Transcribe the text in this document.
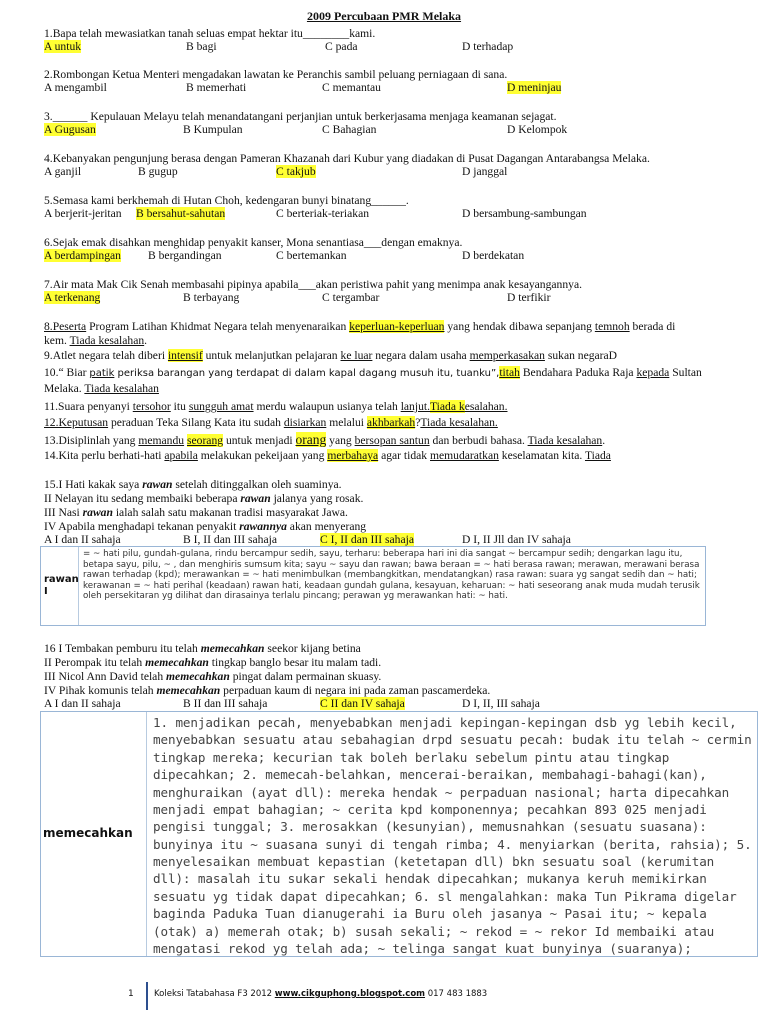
2009 Percubaan PMR Melaka
1.Bapa telah mewasiatkan tanah seluas empat hektar itu________kami.
A untuk	B bagi	C pada	D terhadap
2.Rombongan Ketua Menteri mengadakan lawatan ke Peranchis sambil peluang perniagaan di sana.
A mengambil	B memerhati	C memantau	D meninjau
3.______ Kepulauan Melayu telah menandatangani perjanjian untuk berkerjasama menjaga keamanan sejagat.
A Gugusan	B Kumpulan	C Bahagian	D Kelompok
4.Kebanyakan pengunjung berasa dengan Pameran Khazanah dari Kubur yang diadakan di Pusat Dagangan Antarabangsa Melaka.
A ganjil	B gugup	C takjub	D janggal
5.Semasa kami berkhemah di Hutan Choh, kedengaran bunyi binatang______.
A berjerit-jeritan B bersahut-sahutan	C berteriak-teriakan	D bersambung-sambungan
6.Sejak emak disahkan menghidap penyakit kanser, Mona senantiasa___dengan emaknya.
A berdampingan B bergandingan	C bertemankan	D berdekatan
7.Air mata Mak Cik Senah membasahi pipinya apabila___akan peristiwa pahit yang menimpa anak kesayangannya.
A terkenang	B terbayang	C tergambar	D terfikir
8.Peserta Program Latihan Khidmat Negara telah menyenaraikan keperluan-keperluan yang hendak dibawa sepanjang temnoh berada di
kem. Tiada kesalahan.
9.Atlet negara telah diberi intensif untuk melanjutkan pelajaran ke luar negara dalam usaha memperkasakan sukan negaraD
10.“ Biar patik periksa barangan yang terdapat di dalam kapal dagang musuh itu, tuanku”,titah Bendahara Paduka Raja kepada Sultan
Melaka. Tiada kesalahan
11.Suara penyanyi tersohor itu sungguh amat merdu walaupun usianya telah lanjut.Tiada kesalahan.
12.Keputusan peraduan Teka Silang Kata itu sudah disiarkan melalui akhbarkah?Tiada kesalahan.
13.Disiplinlah yang memandu seorang untuk menjadi orang yang bersopan santun dan berbudi bahasa. Tiada kesalahan.
14.Kita perlu berhati-hati apabila melakukan pekeijaan yang merbahaya agar tidak memudaratkan keselamatan kita. Tiada
15.I Hati kakak saya rawan setelah ditinggalkan oleh suaminya.
II Nelayan itu sedang membaiki beberapa rawan jalanya yang rosak.
III Nasi rawan ialah salah satu makanan tradisi masyarakat Jawa.
IV Apabila menghadapi tekanan penyakit rawannya akan menyerang
A I dan II sahaja	B I, II dan III sahaja	C I, II dan III sahaja	D I, II Jll dan IV sahaja
rawan I
= ~ hati pilu, gundah-gulana, rindu bercampur sedih, sayu, terharu: beberapa hari ini dia sangat ~ bercampur sedih; dengarkan lagu itu, betapa sayu, pilu, ~ , dan menghiris sumsum kita; sayu ~ sayu dan rawan; bawa beraan = ~ hati berasa rawan; merawan, merawani berasa rawan terhadap (kpd); merawankan = ~ hati menimbulkan (membangkitkan, mendatangkan) rasa rawan: suara yg sangat sedih dan ~ hati; kerawanan = ~ hati perihal (keadaan) rawan hati, keadaan gundah gulana, kesayuan, keharuan: ~ hati seseorang anak muda mudah terusik oleh persekitaran yg dilihat dan dirasainya terlalu pincang; perawan yg merawankan hati: ~ hati.
16 I Tembakan pemburu itu telah memecahkan seekor kijang betina
II Perompak itu telah memecahkan tingkap banglo besar itu malam tadi.
III Nicol Ann David telah memecahkan pingat dalam permainan skuasy.
IV Pihak komunis telah memecahkan perpaduan kaum di negara ini pada zaman pascamerdeka.
A I dan II sahaja	B II dan III sahaja	C II dan IV sahaja	D I, II, III sahaja
memecahkan
1. menjadikan pecah, menyebabkan menjadi kepingan-kepingan dsb yg lebih kecil, menyebabkan sesuatu atau sebahagian drpd sesuatu pecah: budak itu telah ~ cermin tingkap mereka; kecurian tak boleh berlaku sebelum pintu atau tingkap dipecahkan; 2. memecah-belahkan, mencerai-beraikan, membahagi-bahagi(kan), menghuraikan (ayat dll): mereka hendak ~ perpaduan nasional; harta dipecahkan menjadi empat bahagian; ~ cerita kpd komponennya; pecahkan 893 025 menjadi pengisi tunggal; 3. merosakkan (kesunyian), memusnahkan (sesuatu suasana): bunyinya itu ~ suasana sunyi di tengah rimba; 4. menyiarkan (berita, rahsia); 5. menyelesaikan membuat kepastian (ketetapan dll) bkn sesuatu soal (kerumitan dll): masalah itu sukar sekali hendak dipecahkan; mukanya keruh memikirkan sesuatu yg tidak dapat dipecahkan; 6. sl mengalahkan: maka Tun Pikrama digelar baginda Paduka Tuan dianugerahi ia Buru oleh jasanya ~ Pasai itu; ~ kepala (otak) a) memerah otak; b) susah sekali; ~ rekod = ~ rekor Id membaiki atau mengatasi rekod yg telah ada; ~ telinga sangat kuat bunyinya (suaranya);
1 Koleksi Tatabahasa F3 2012 www.cikguphong.blogspot.com 017 483 1883
